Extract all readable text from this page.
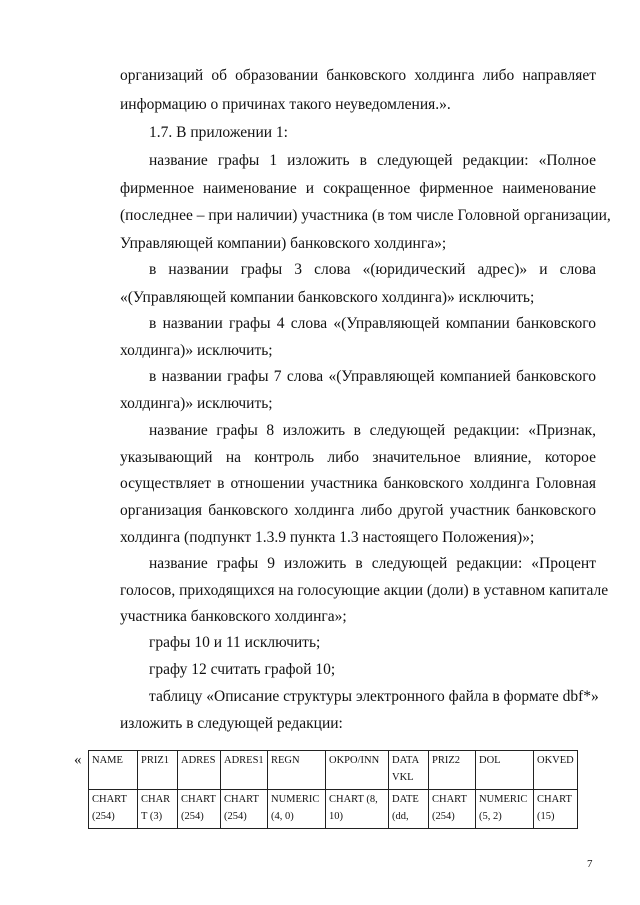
организаций об образовании банковского холдинга либо направляет
информацию о причинах такого неуведомления.».
1.7. В приложении 1:
название графы 1 изложить в следующей редакции: «Полное
фирменное наименование и сокращенное фирменное наименование
(последнее – при наличии) участника (в том числе Головной организации,
Управляющей компании) банковского холдинга»;
в названии графы 3 слова «(юридический адрес)» и слова
«(Управляющей компании банковского холдинга)» исключить;
в названии графы 4 слова «(Управляющей компании банковского
холдинга)» исключить;
в названии графы 7 слова «(Управляющей компанией банковского
холдинга)» исключить;
название графы 8 изложить в следующей редакции: «Признак,
указывающий на контроль либо значительное влияние, которое
осуществляет в отношении участника банковского холдинга Головная
организация банковского холдинга либо другой участник банковского
холдинга (подпункт 1.3.9 пункта 1.3 настоящего Положения)»;
название графы 9 изложить в следующей редакции: «Процент
голосов, приходящихся на голосующие акции (доли) в уставном капитале
участника банковского холдинга»;
графы 10 и 11 исключить;
графу 12 считать графой 10;
таблицу «Описание структуры электронного файла в формате dbf*»
изложить в следующей редакции:
« NAME	PRIZ1	ADRES	ADRES1	REGN	OKPO/INN	DATA VKL	PRIZ2	DOL	OKVED
CHART (254)	CHAR T (3)	CHART (254)	CHART (254)	NUMERIC (4, 0)	CHART (8, 10)	DATE (dd,	CHART (254)	NUMERIC (5, 2)	CHART (15)
7
